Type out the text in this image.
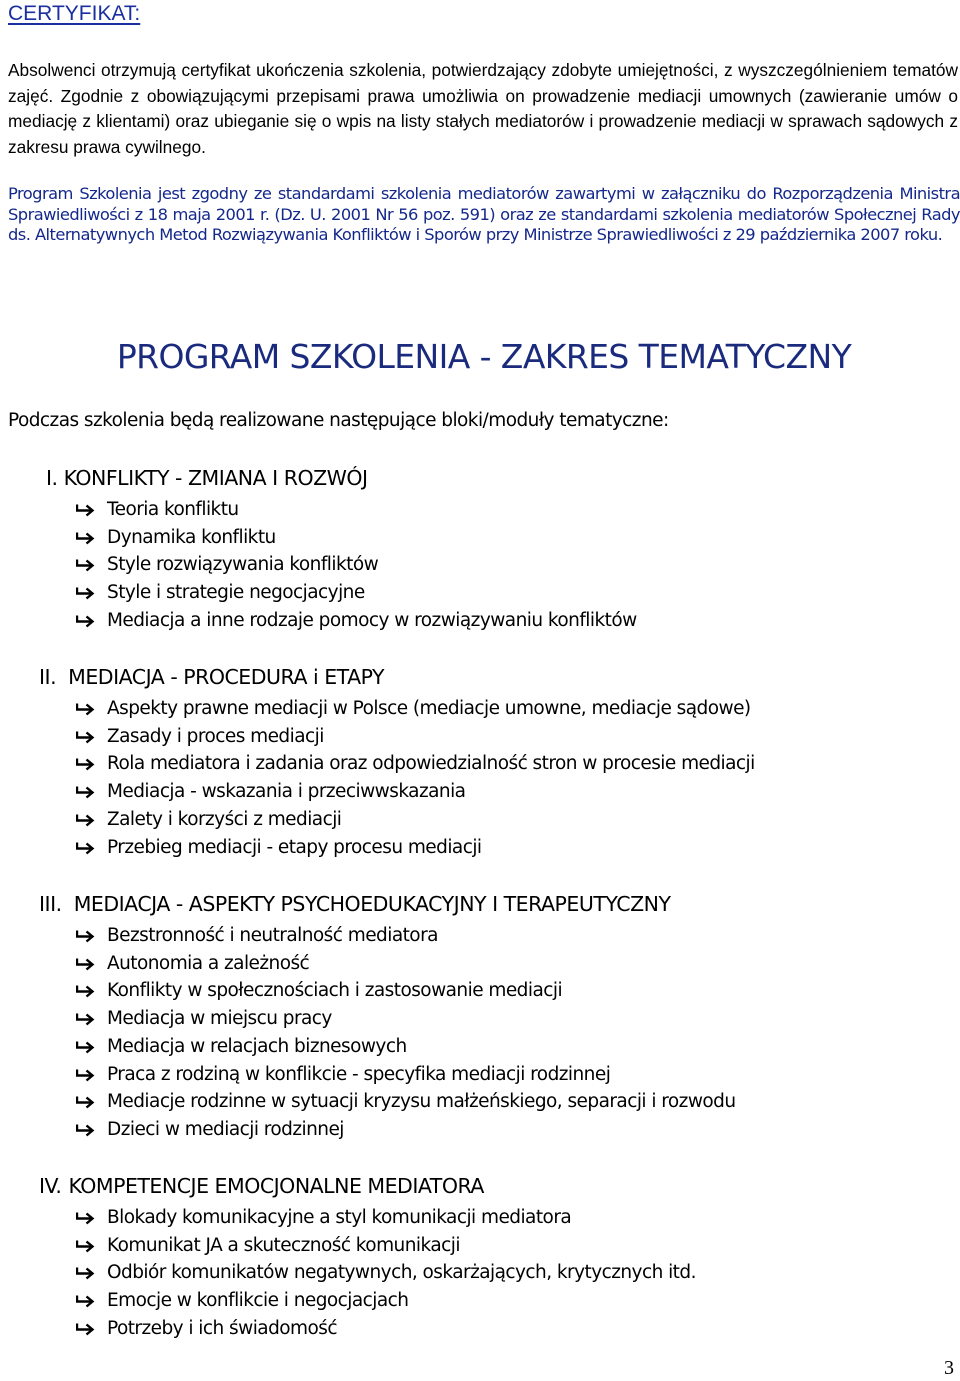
CERTYFIKAT:

Absolwenci otrzymują certyfikat ukończenia szkolenia, potwierdzający zdobyte umiejętności, z wyszczególnieniem tematów zajęć. Zgodnie z obowiązującymi przepisami prawa umożliwia on prowadzenie mediacji umownych (zawieranie umów o mediację z klientami) oraz ubieganie się o wpis na listy stałych mediatorów i prowadzenie mediacji w sprawach sądowych z zakresu prawa cywilnego.

Program Szkolenia jest zgodny ze standardami szkolenia mediatorów zawartymi w załączniku do Rozporządzenia Ministra Sprawiedliwości z 18 maja 2001 r. (Dz. U. 2001 Nr 56 poz. 591) oraz ze standardami szkolenia mediatorów Społecznej Rady ds. Alternatywnych Metod Rozwiązywania Konfliktów i Sporów przy Ministrze Sprawiedliwości z 29 października 2007 roku.

PROGRAM SZKOLENIA - ZAKRES TEMATYCZNY

Podczas szkolenia będą realizowane następujące bloki/moduły tematyczne:

I. KONFLIKTY - ZMIANA I ROZWÓJ
Teoria konfliktu
Dynamika konfliktu
Style rozwiązywania konfliktów
Style i strategie negocjacyjne
Mediacja a inne rodzaje pomocy w rozwiązywaniu konfliktów
II. MEDIACJA - PROCEDURA i ETAPY
Aspekty prawne mediacji w Polsce (mediacje umowne, mediacje sądowe)
Zasady i proces mediacji
Rola mediatora i zadania oraz odpowiedzialność stron w procesie mediacji
Mediacja - wskazania i przeciwwskazania
Zalety i korzyści z mediacji
Przebieg mediacji - etapy procesu mediacji
III. MEDIACJA - ASPEKTY PSYCHOEDUKACYJNY I TERAPEUTYCZNY
Bezstronność i neutralność mediatora
Autonomia a zależność
Konflikty w społecznościach i zastosowanie mediacji
Mediacja w miejscu pracy
Mediacja w relacjach biznesowych
Praca z rodziną w konflikcie - specyfika mediacji rodzinnej
Mediacje rodzinne w sytuacji kryzysu małżeńskiego, separacji i rozwodu
Dzieci w mediacji rodzinnej
IV. KOMPETENCJE EMOCJONALNE MEDIATORA
Blokady komunikacyjne a styl komunikacji mediatora
Komunikat JA a skuteczność komunikacji
Odbiór komunikatów negatywnych, oskarżających, krytycznych itd.
Emocje w konflikcie i negocjacjach
Potrzeby i ich świadomość

3
